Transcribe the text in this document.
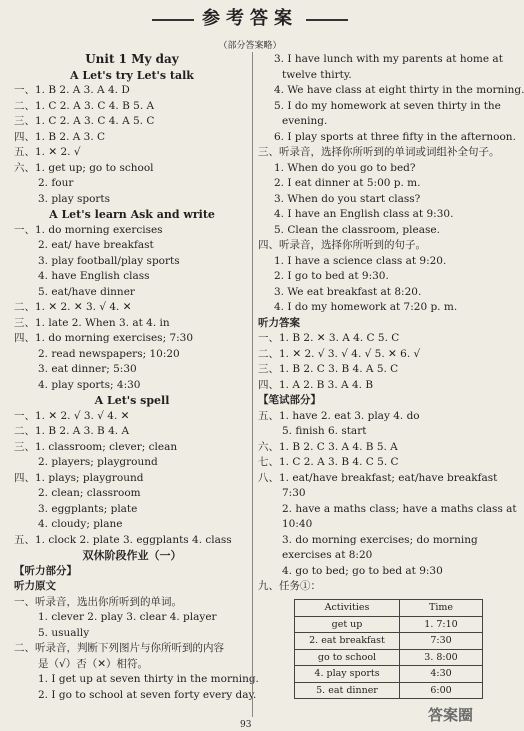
参考答案
（部分答案略）
Unit 1 My day
A Let's try Let's talk
一、1. B 2. A 3. A 4. D
二、1. C 2. A 3. C 4. B 5. A
三、1. C 2. A 3. C 4. A 5. C
四、1. B 2. A 3. C
五、1. ✕ 2. √
六、1. get up; go to school
2. four
3. play sports
A Let's learn Ask and write
一、1. do morning exercises
2. eat/ have breakfast
3. play football/play sports
4. have English class
5. eat/have dinner
二、1. ✕ 2. ✕ 3. √ 4. ✕
三、1. late 2. When 3. at 4. in
四、1. do morning exercises; 7:30
2. read newspapers; 10:20
3. eat dinner; 5:30
4. play sports; 4:30
A Let's spell
一、1. ✕ 2. √ 3. √ 4. ✕
二、1. B 2. A 3. B 4. A
三、1. classroom; clever; clean
2. players; playground
四、1. plays; playground
2. clean; classroom
3. eggplants; plate
4. cloudy; plane
五、1. clock 2. plate 3. eggplants 4. class
双休阶段作业（一）
【听力部分】
听力原文
一、听录音，选出你所听到的单词。
1. clever 2. play 3. clear 4. player
5. usually
二、听录音，判断下列图片与你所听到的内容
是（√）否（✕）相符。
1. I get up at seven thirty in the morning.
2. I go to school at seven forty every day.
3. I have lunch with my parents at home at
twelve thirty.
4. We have class at eight thirty in the morning.
5. I do my homework at seven thirty in the
evening.
6. I play sports at three fifty in the afternoon.
三、听录音，选择你所听到的单词或词组补全句子。
1. When do you go to bed?
2. I eat dinner at 5:00 p. m.
3. When do you start class?
4. I have an English class at 9:30.
5. Clean the classroom, please.
四、听录音，选择你所听到的句子。
1. I have a science class at 9:20.
2. I go to bed at 9:30.
3. We eat breakfast at 8:20.
4. I do my homework at 7:20 p. m.
听力答案
一、1. B 2. ✕ 3. A 4. C 5. C
二、1. ✕ 2. √ 3. √ 4. √ 5. ✕ 6. √
三、1. B 2. C 3. B 4. A 5. C
四、1. A 2. B 3. A 4. B
【笔试部分】
五、1. have 2. eat 3. play 4. do
5. finish 6. start
六、1. B 2. C 3. A 4. B 5. A
七、1. C 2. A 3. B 4. C 5. C
八、1. eat/have breakfast; eat/have breakfast
7:30
2. have a maths class; have a maths class at
10:40
3. do morning exercises; do morning
exercises at 8:20
4. go to bed; go to bed at 9:30
九、任务①：
Activities	Time
get up	1. 7:10
2. eat breakfast	7:30
go to school	3. 8:00
4. play sports	4:30
5. eat dinner	6:00
93
答案圈
